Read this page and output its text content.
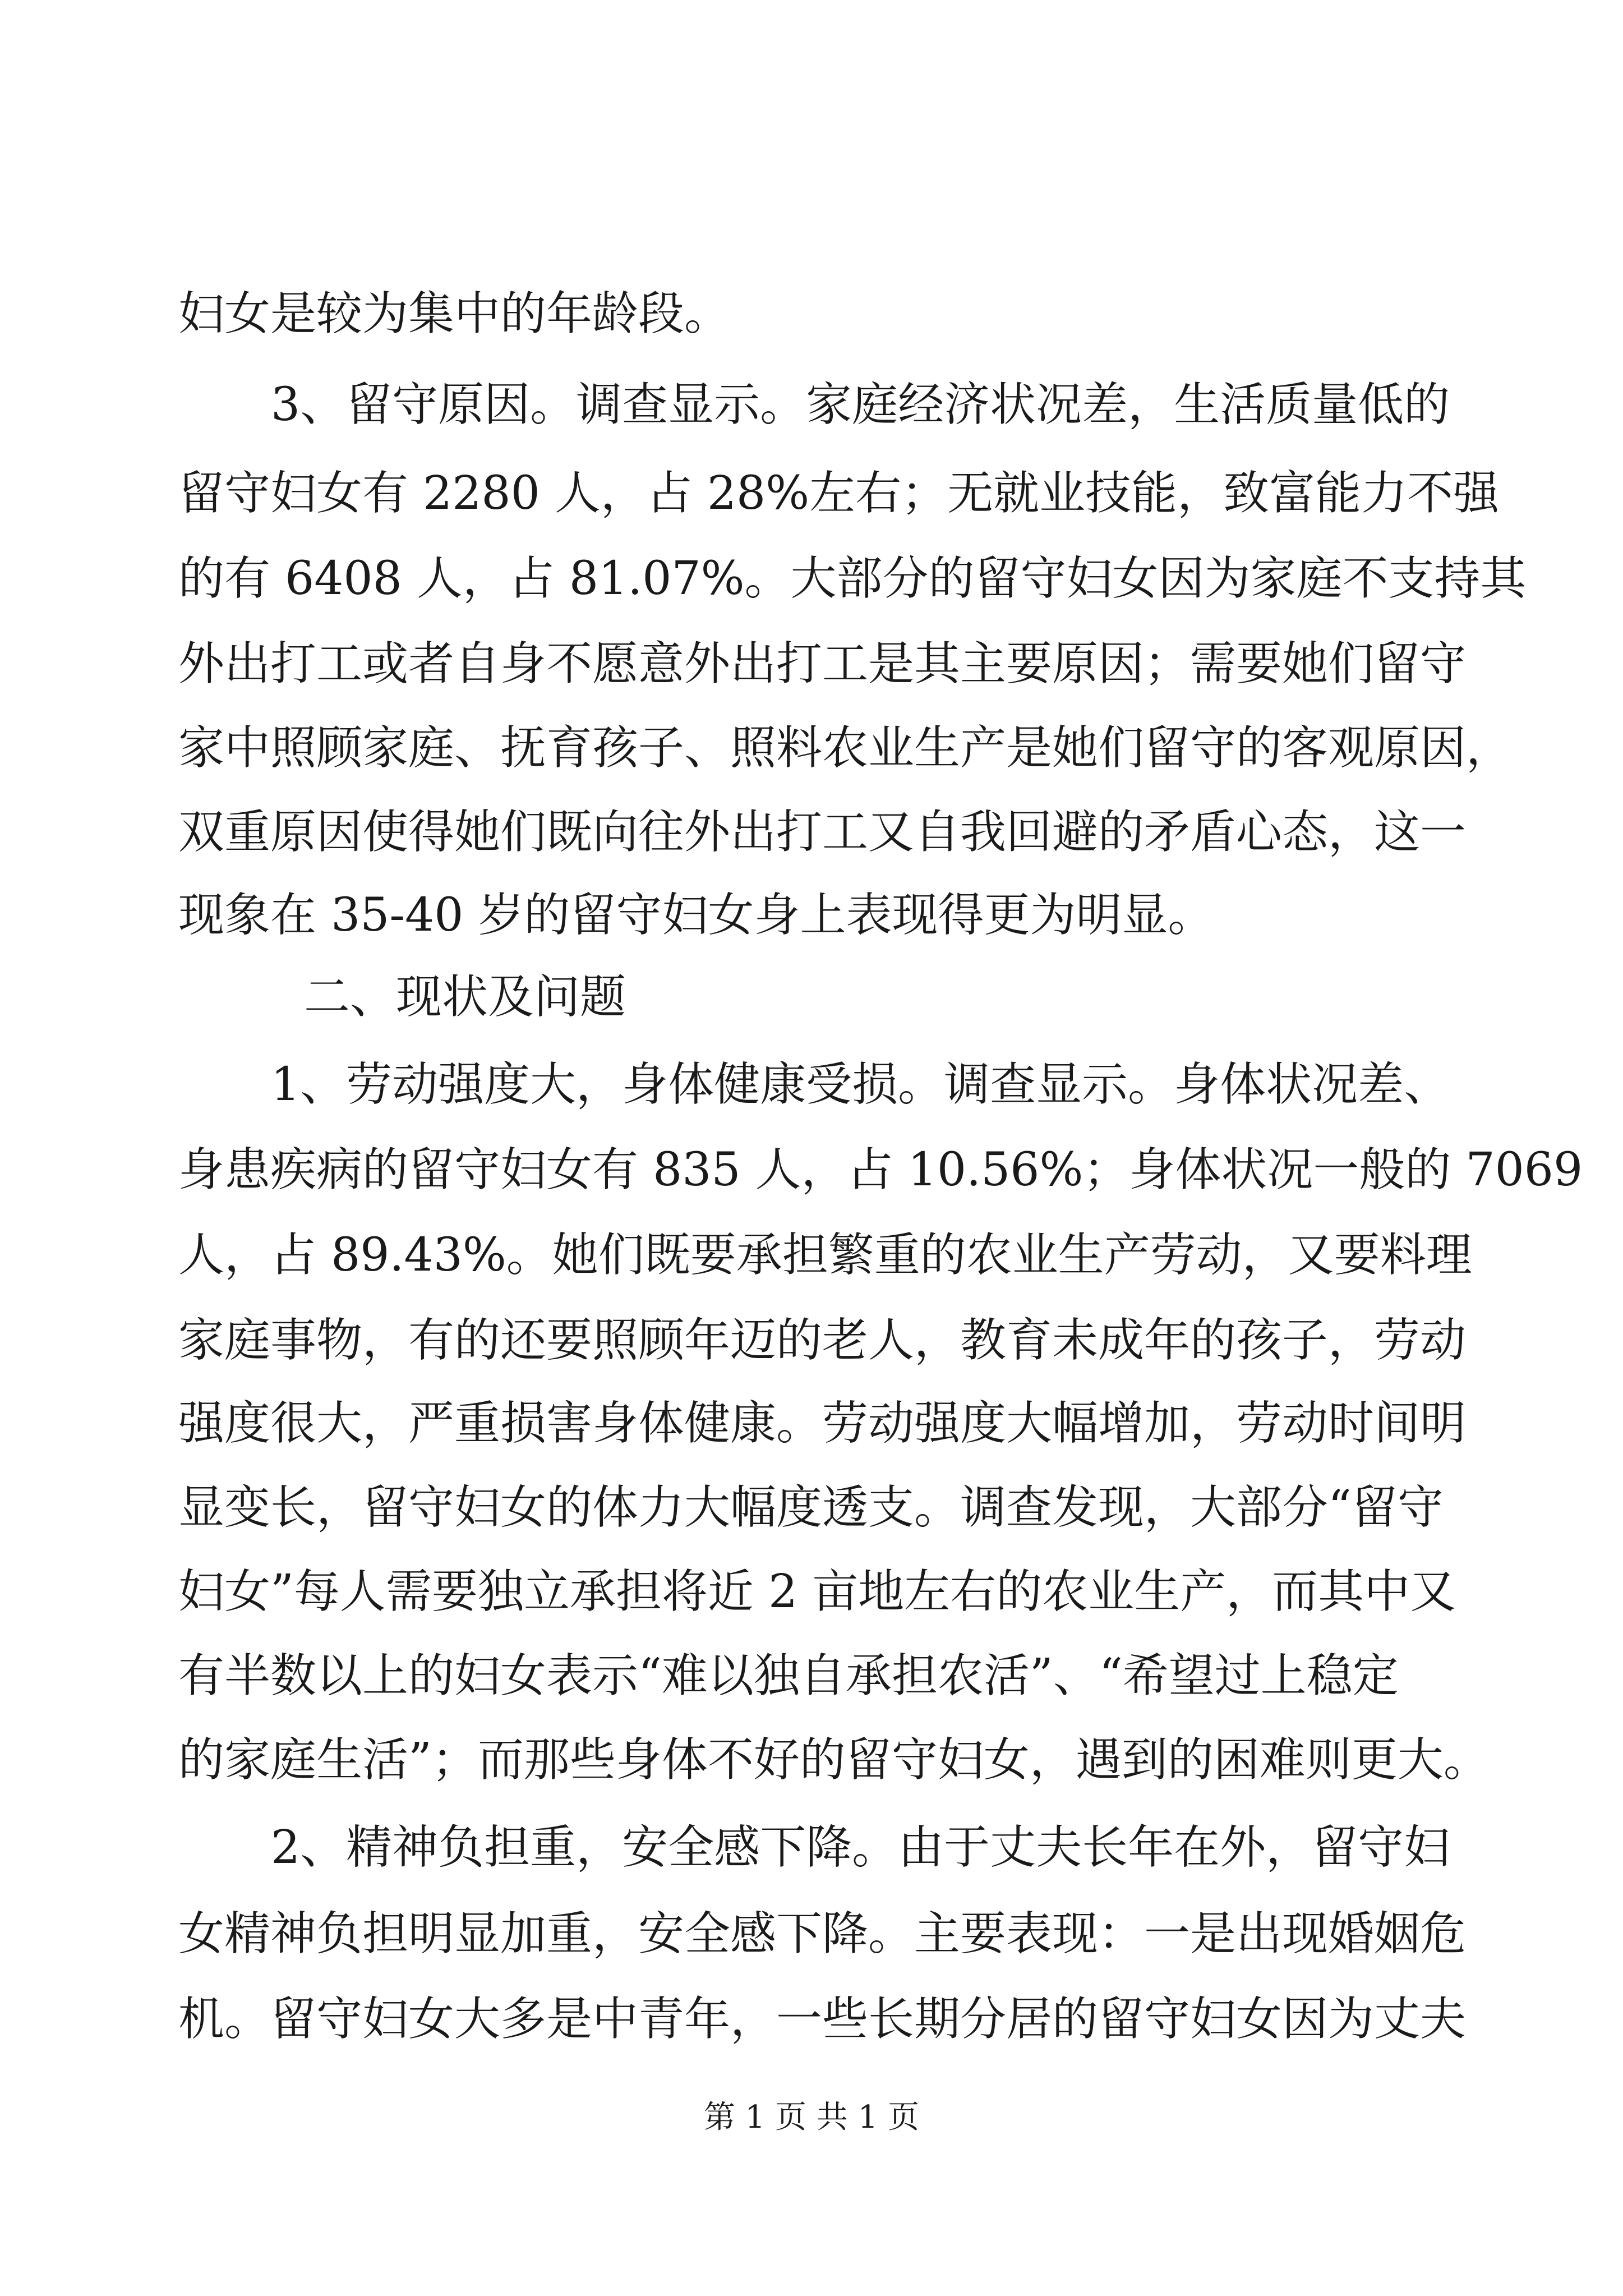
妇女是较为集中的年龄段。
3、留守原因。调查显示。家庭经济状况差，生活质量低的
留守妇女有 2280 人，占 28%左右；无就业技能，致富能力不强
的有 6408 人，占 81.07%。大部分的留守妇女因为家庭不支持其
外出打工或者自身不愿意外出打工是其主要原因；需要她们留守
家中照顾家庭、抚育孩子、照料农业生产是她们留守的客观原因，
双重原因使得她们既向往外出打工又自我回避的矛盾心态，这一
现象在 35-40 岁的留守妇女身上表现得更为明显。
二、现状及问题
1、劳动强度大，身体健康受损。调查显示。身体状况差、
身患疾病的留守妇女有 835 人，占 10.56%；身体状况一般的 7069
人，占 89.43%。她们既要承担繁重的农业生产劳动，又要料理
家庭事物，有的还要照顾年迈的老人，教育未成年的孩子，劳动
强度很大，严重损害身体健康。劳动强度大幅增加，劳动时间明
显变长，留守妇女的体力大幅度透支。调查发现，大部分“留守
妇女”每人需要独立承担将近 2 亩地左右的农业生产，而其中又
有半数以上的妇女表示“难以独自承担农活”、“希望过上稳定
的家庭生活”；而那些身体不好的留守妇女，遇到的困难则更大。
2、精神负担重，安全感下降。由于丈夫长年在外，留守妇
女精神负担明显加重，安全感下降。主要表现：一是出现婚姻危
机。留守妇女大多是中青年，一些长期分居的留守妇女因为丈夫
第 1 页 共 1 页
